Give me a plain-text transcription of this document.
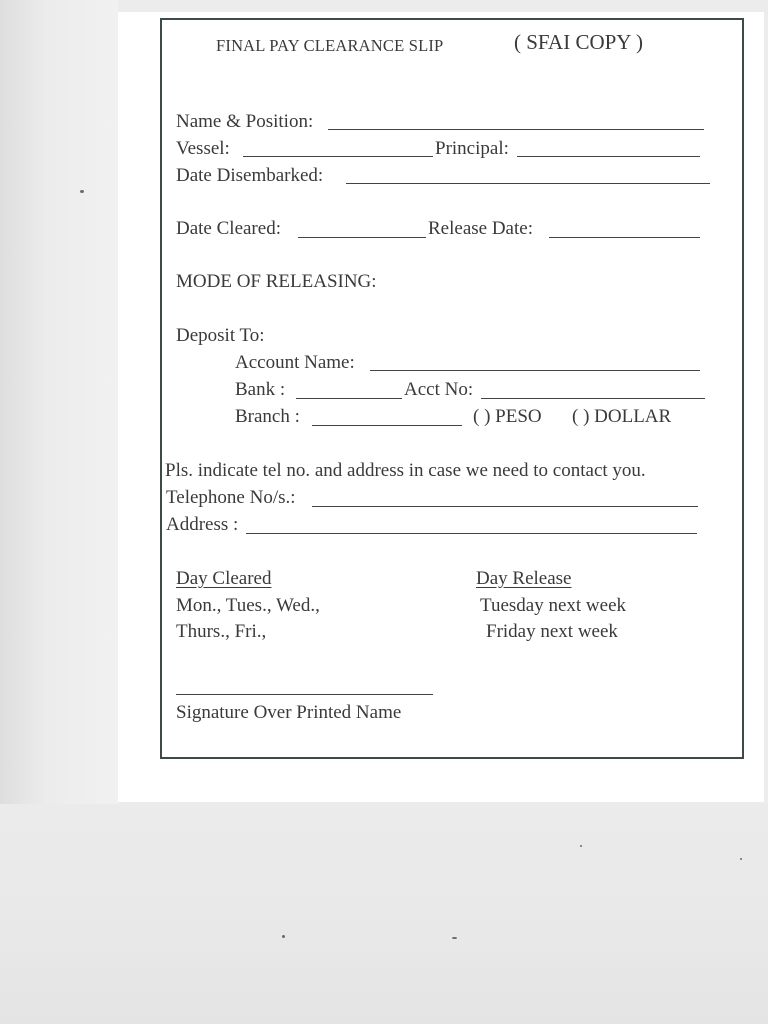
FINAL PAY CLEARANCE SLIP	( SFAI COPY )
Name & Position:
Vessel:	Principal:
Date Disembarked:
Date Cleared:	Release Date:
MODE OF RELEASING:
Deposit To:
Account Name:
Bank :	Acct No:
Branch :	( ) PESO ( ) DOLLAR
Pls. indicate tel no. and address in case we need to contact you.
Telephone No/s.:
Address :
Day Cleared	Day Release
Mon., Tues., Wed.,	Tuesday next week
Thurs., Fri.,	Friday next week
Signature Over Printed Name
